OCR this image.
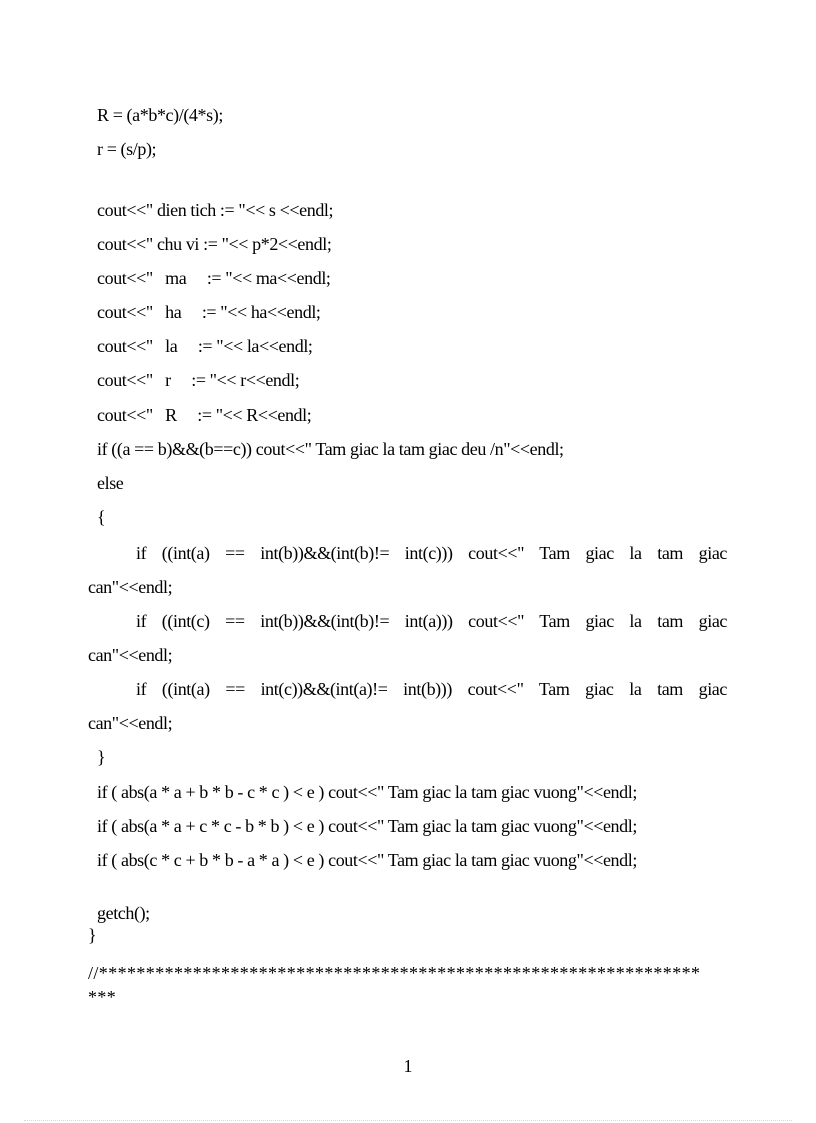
R = (a*b*c)/(4*s);
r = (s/p);
cout<<" dien tich := "<< s <<endl;
cout<<" chu vi := "<< p*2<<endl;
cout<<"   ma     := "<< ma<<endl;
cout<<"   ha     := "<< ha<<endl;
cout<<"   la     := "<< la<<endl;
cout<<"   r     := "<< r<<endl;
cout<<"   R     := "<< R<<endl;
if ((a == b)&&(b==c)) cout<<" Tam giac la tam giac deu /n"<<endl;
else
{
if ((int(a) == int(b))&&(int(b)!= int(c))) cout<<" Tam giac la tam giac
can"<<endl;
if ((int(c) == int(b))&&(int(b)!= int(a))) cout<<" Tam giac la tam giac
can"<<endl;
if ((int(a) == int(c))&&(int(a)!= int(b))) cout<<" Tam giac la tam giac
can"<<endl;
}
if ( abs(a * a + b * b - c * c ) < e ) cout<<" Tam giac la tam giac vuong"<<endl;
if ( abs(a * a + c * c - b * b ) < e ) cout<<" Tam giac la tam giac vuong"<<endl;
if ( abs(c * c + b * b - a * a ) < e ) cout<<" Tam giac la tam giac vuong"<<endl;
getch();
}
//****************************************************************
***
1
